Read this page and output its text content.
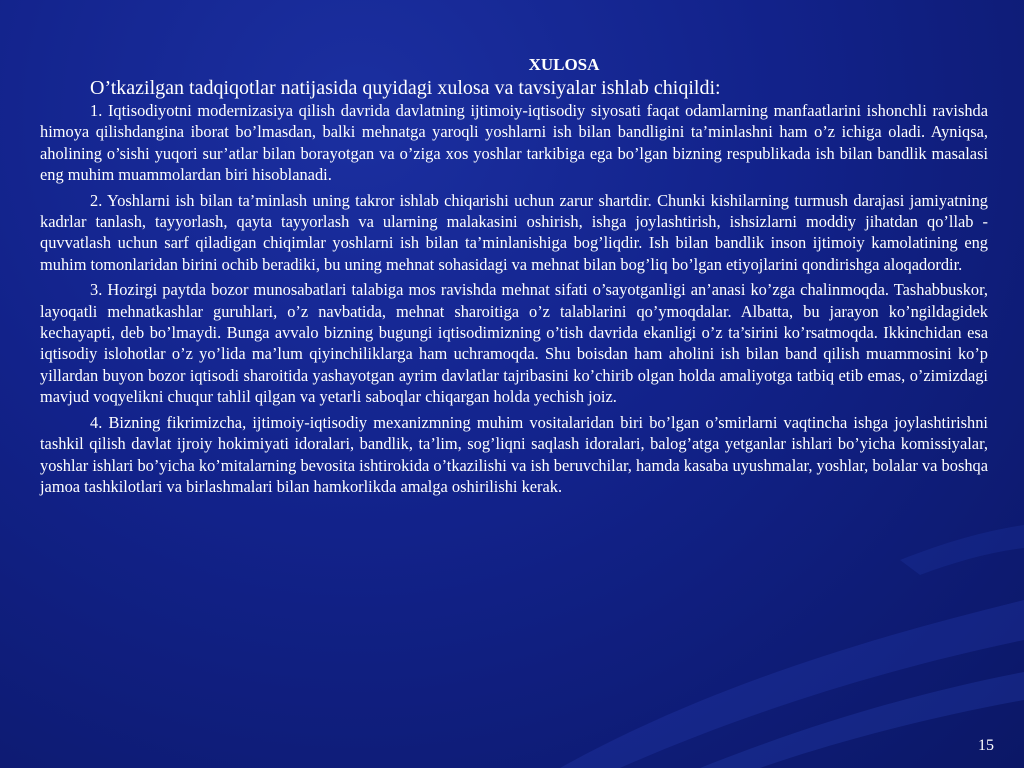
XULOSA

O’tkazilgan tadqiqotlar natijasida quyidagi xulosa va tavsiyalar ishlab chiqildi:

1. Iqtisodiyotni modernizasiya qilish davrida davlatning ijtimoiy-iqtisodiy siyosati faqat odamlarning manfaatlarini ishonchli ravishda himoya qilishdangina iborat bo’lmasdan, balki mehnatga yaroqli yoshlarni ish bilan bandligini ta’minlashni ham o’z ichiga oladi. Ayniqsa, aholining o’sishi yuqori sur’atlar bilan borayotgan va o’ziga xos yoshlar tarkibiga ega bo’lgan bizning respublikada ish bilan bandlik masalasi eng muhim muammolardan biri hisoblanadi.

2. Yoshlarni ish bilan ta’minlash uning takror ishlab chiqarishi uchun zarur shartdir. Chunki kishilarning turmush darajasi jamiyatning kadrlar tanlash, tayyorlash, qayta tayyorlash va ularning malakasini oshirish, ishga joylashtirish, ishsizlarni moddiy jihatdan qo’llab - quvvatlash uchun sarf qiladigan chiqimlar yoshlarni ish bilan ta’minlanishiga bog’liqdir. Ish bilan bandlik inson ijtimoiy kamolatining eng muhim tomonlaridan birini ochib beradiki, bu uning mehnat sohasidagi va mehnat bilan bog’liq bo’lgan etiyojlarini qondirishga aloqadordir.

3. Hozirgi paytda bozor munosabatlari talabiga mos ravishda mehnat sifati o’sayotganligi an’anasi ko’zga chalinmoqda. Tashabbuskor, layoqatli mehnatkashlar guruhlari, o’z navbatida, mehnat sharoitiga o’z talablarini qo’ymoqdalar. Albatta, bu jarayon ko’ngildagidek kechayapti, deb bo’lmaydi. Bunga avvalo bizning bugungi iqtisodimizning o’tish davrida ekanligi o’z ta’sirini ko’rsatmoqda. Ikkinchidan esa iqtisodiy islohotlar o’z yo’lida ma’lum qiyinchiliklarga ham uchramoqda. Shu boisdan ham aholini ish bilan band qilish muammosini ko’p yillardan buyon bozor iqtisodi sharoitida yashayotgan ayrim davlatlar tajribasini ko’chirib olgan holda amaliyotga tatbiq etib emas, o’zimizdagi mavjud voqyelikni chuqur tahlil qilgan va yetarli saboqlar chiqargan holda yechish joiz.

4. Bizning fikrimizcha, ijtimoiy-iqtisodiy mexanizmning muhim vositalaridan biri bo’lgan o’smirlarni vaqtincha ishga joylashtirishni tashkil qilish davlat ijroiy hokimiyati idoralari, bandlik, ta’lim, sog’liqni saqlash idoralari, balog’atga yetganlar ishlari bo’yicha komissiyalar, yoshlar ishlari bo’yicha ko’mitalarning bevosita ishtirokida o’tkazilishi va ish beruvchilar, hamda kasaba uyushmalar, yoshlar, bolalar va boshqa jamoa tashkilotlari va birlashmalari bilan hamkorlikda amalga oshirilishi kerak.

15
